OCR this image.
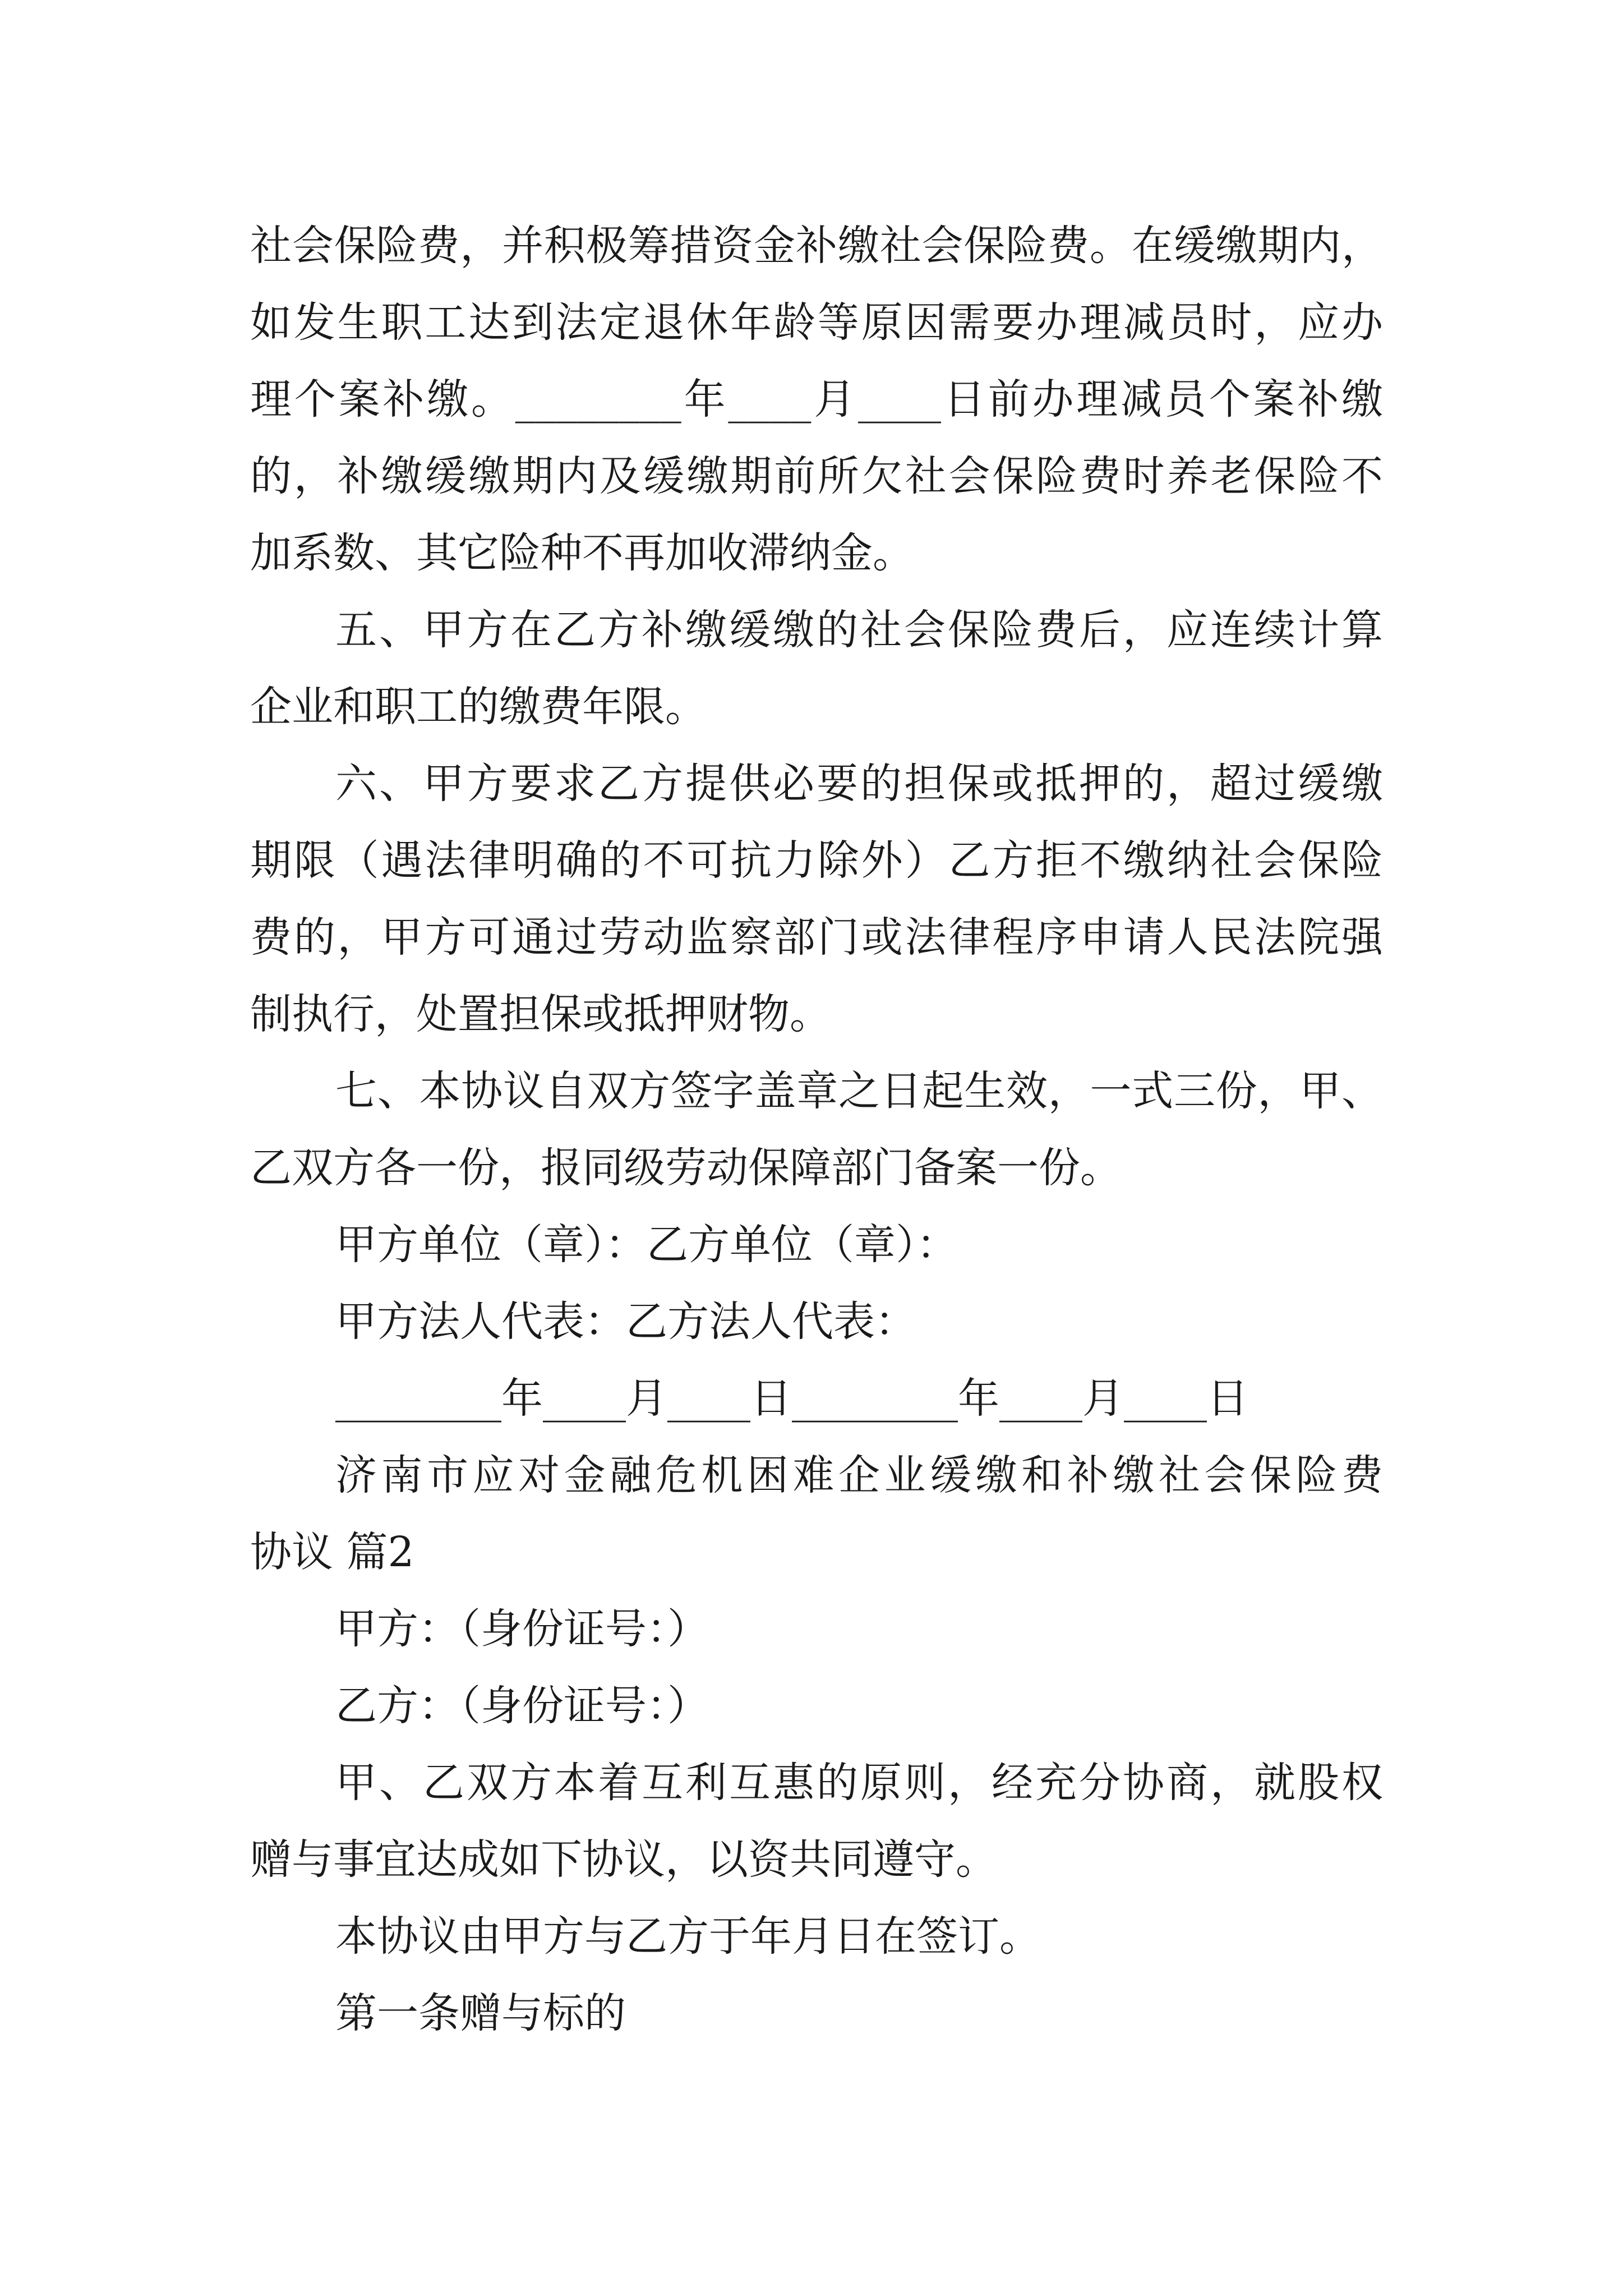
社会保险费，并积极筹措资金补缴社会保险费。在缓缴期内，

如发生职工达到法定退休年龄等原因需要办理减员时，应办

理个案补缴。________年____月____日前办理减员个案补缴

的，补缴缓缴期内及缓缴期前所欠社会保险费时养老保险不

加系数、其它险种不再加收滞纳金。

五、甲方在乙方补缴缓缴的社会保险费后，应连续计算

企业和职工的缴费年限。

六、甲方要求乙方提供必要的担保或抵押的，超过缓缴

期限（遇法律明确的不可抗力除外）乙方拒不缴纳社会保险

费的，甲方可通过劳动监察部门或法律程序申请人民法院强

制执行，处置担保或抵押财物。

七、本协议自双方签字盖章之日起生效，一式三份，甲、

乙双方各一份，报同级劳动保障部门备案一份。

甲方单位（章）：乙方单位（章）：

甲方法人代表：乙方法人代表：

________年____月____日________年____月____日

济南市应对金融危机困难企业缓缴和补缴社会保险费

协议 篇2

甲方：（身份证号：）

乙方：（身份证号：）

甲、乙双方本着互利互惠的原则，经充分协商，就股权

赠与事宜达成如下协议，以资共同遵守。

本协议由甲方与乙方于年月日在签订。

第一条赠与标的
